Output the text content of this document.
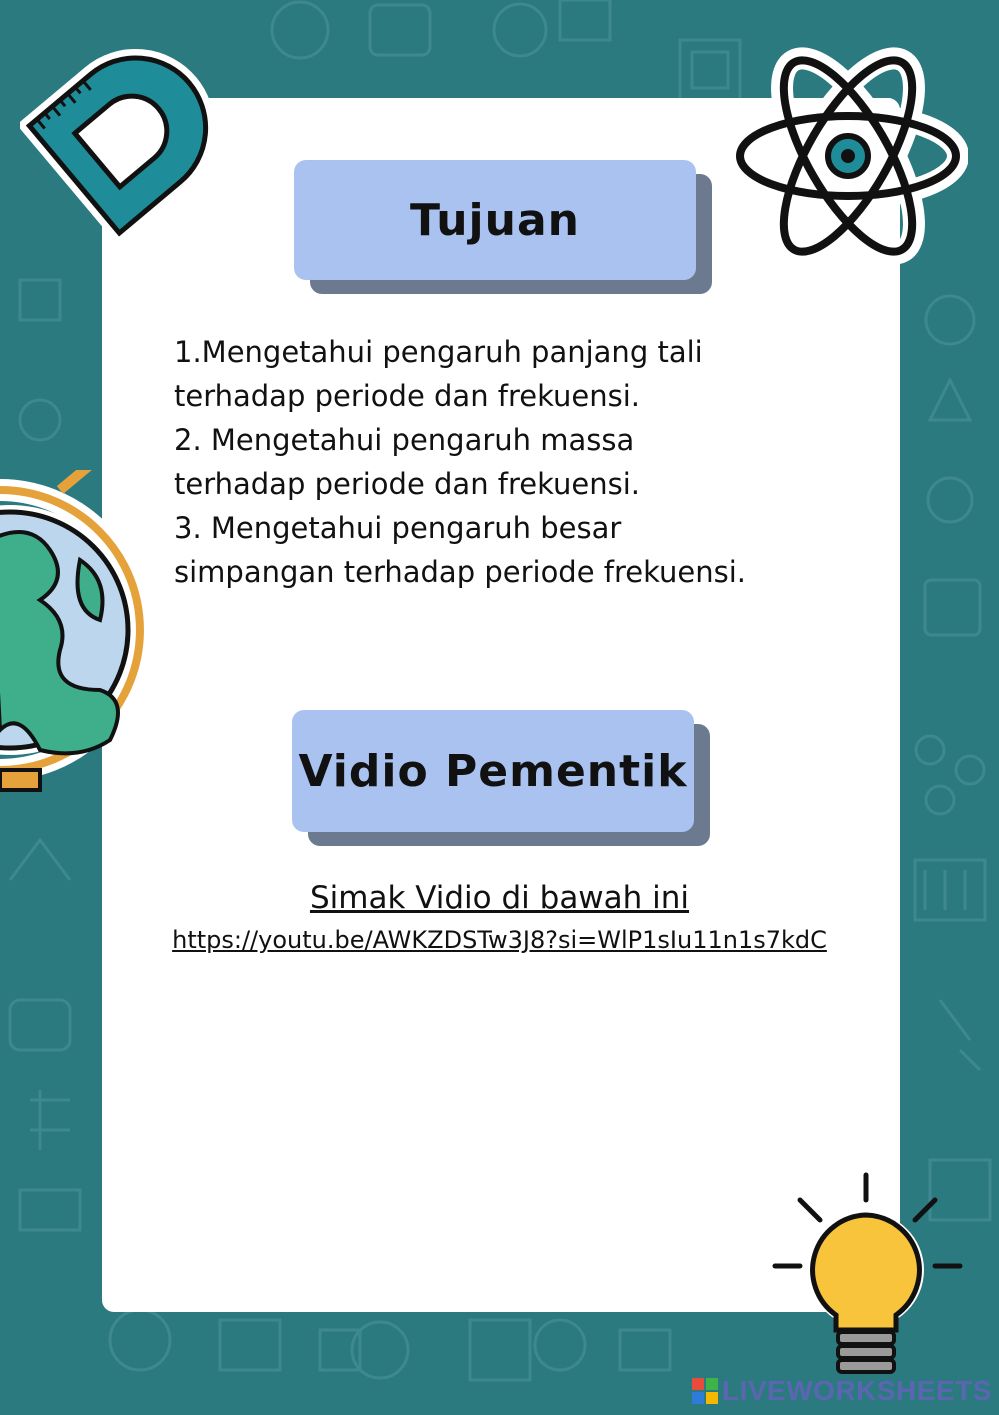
Tujuan
1.Mengetahui pengaruh panjang tali
terhadap periode dan frekuensi.
2. Mengetahui pengaruh massa
terhadap periode dan frekuensi.
3. Mengetahui pengaruh besar
simpangan terhadap periode frekuensi.
Vidio Pementik
Simak Vidio di bawah ini
https://youtu.be/AWKZDSTw3J8?si=WlP1sIu11n1s7kdC
LIVEWORKSHEETS
